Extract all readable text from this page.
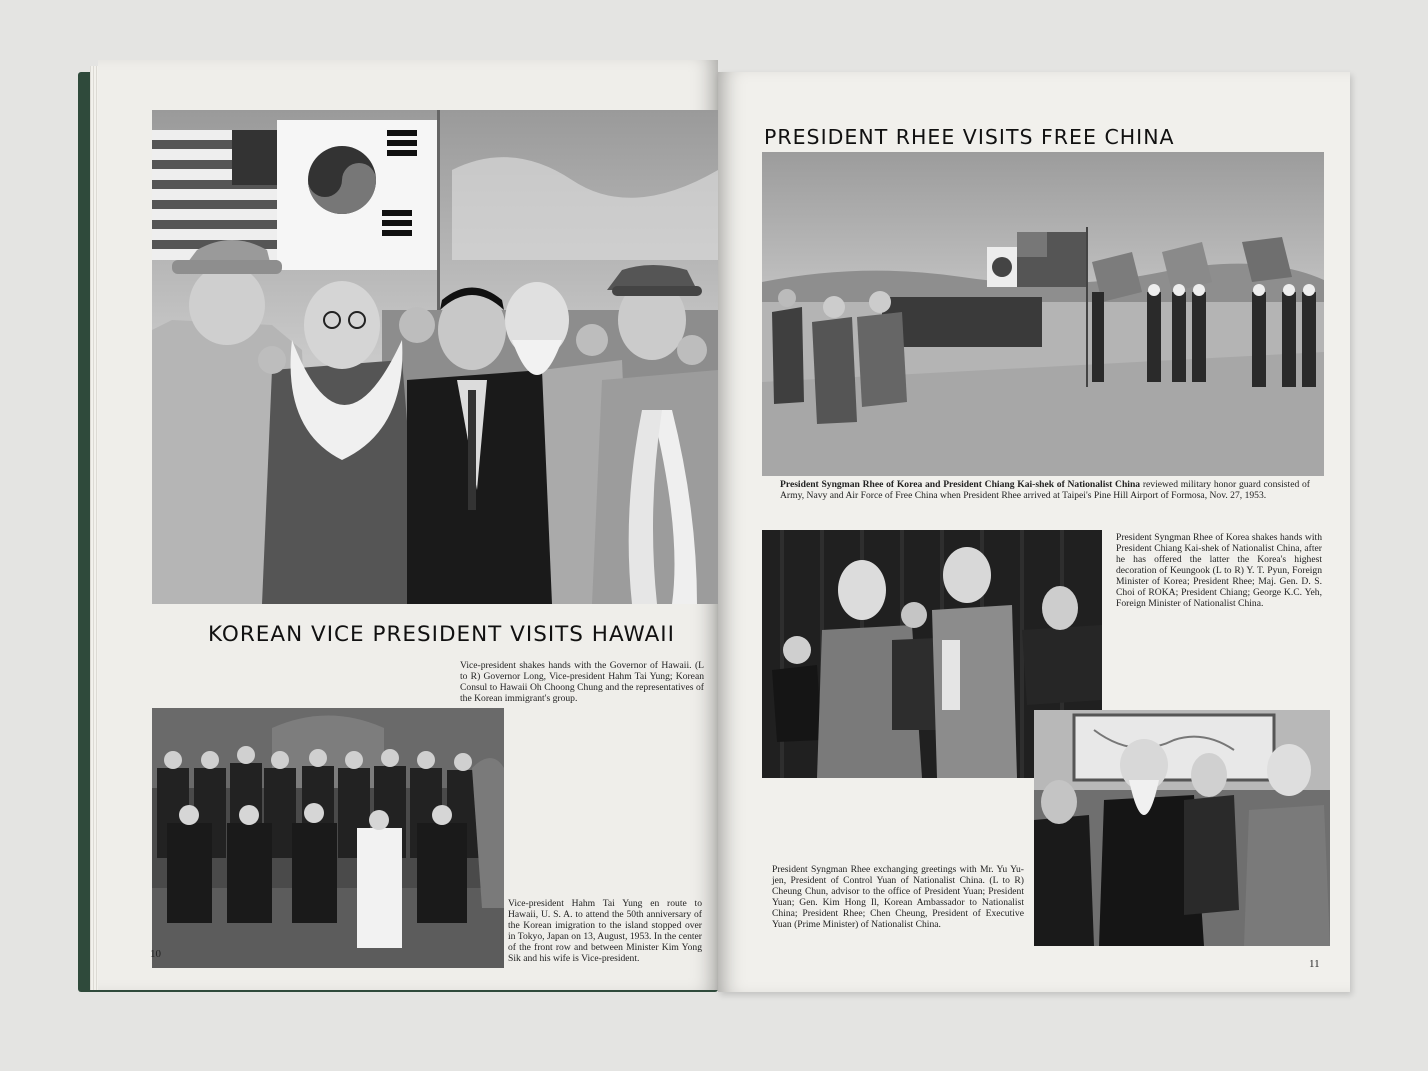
KOREAN VICE PRESIDENT VISITS HAWAII
Vice-president shakes hands with the Governor of Hawaii. (L to R) Governor Long, Vice-president Hahm Tai Yung; Korean Consul to Hawaii Oh Choong Chung and the representatives of the Korean immigrant's group.
Vice-president Hahm Tai Yung en route to Hawaii, U. S. A. to attend the 50th anniversary of the Korean imigration to the island stopped over in Tokyo, Japan on 13, August, 1953. In the center of the front row and between Minister Kim Yong Sik and his wife is Vice-president.
10
PRESIDENT RHEE VISITS FREE CHINA
President Syngman Rhee of Korea and President Chiang Kai-shek of Nationalist China reviewed military honor guard consisted of Army, Navy and Air Force of Free China when President Rhee arrived at Taipei's Pine Hill Airport of Formosa, Nov. 27, 1953.
President Syngman Rhee of Korea shakes hands with President Chiang Kai-shek of Nationalist China, after he has offered the latter the Korea's highest decoration of Keungook (L to R) Y. T. Pyun, Foreign Minister of Korea; President Rhee; Maj. Gen. D. S. Choi of ROKA; President Chiang; George K.C. Yeh, Foreign Minister of Nationalist China.
President Syngman Rhee exchanging greetings with Mr. Yu Yu-jen, President of Control Yuan of Nationalist China. (L to R) Cheung Chun, advisor to the office of President Yuan; President Yuan; Gen. Kim Hong Il, Korean Ambassador to Nationalist China; President Rhee; Chen Cheung, President of Executive Yuan (Prime Minister) of Nationalist China.
11
